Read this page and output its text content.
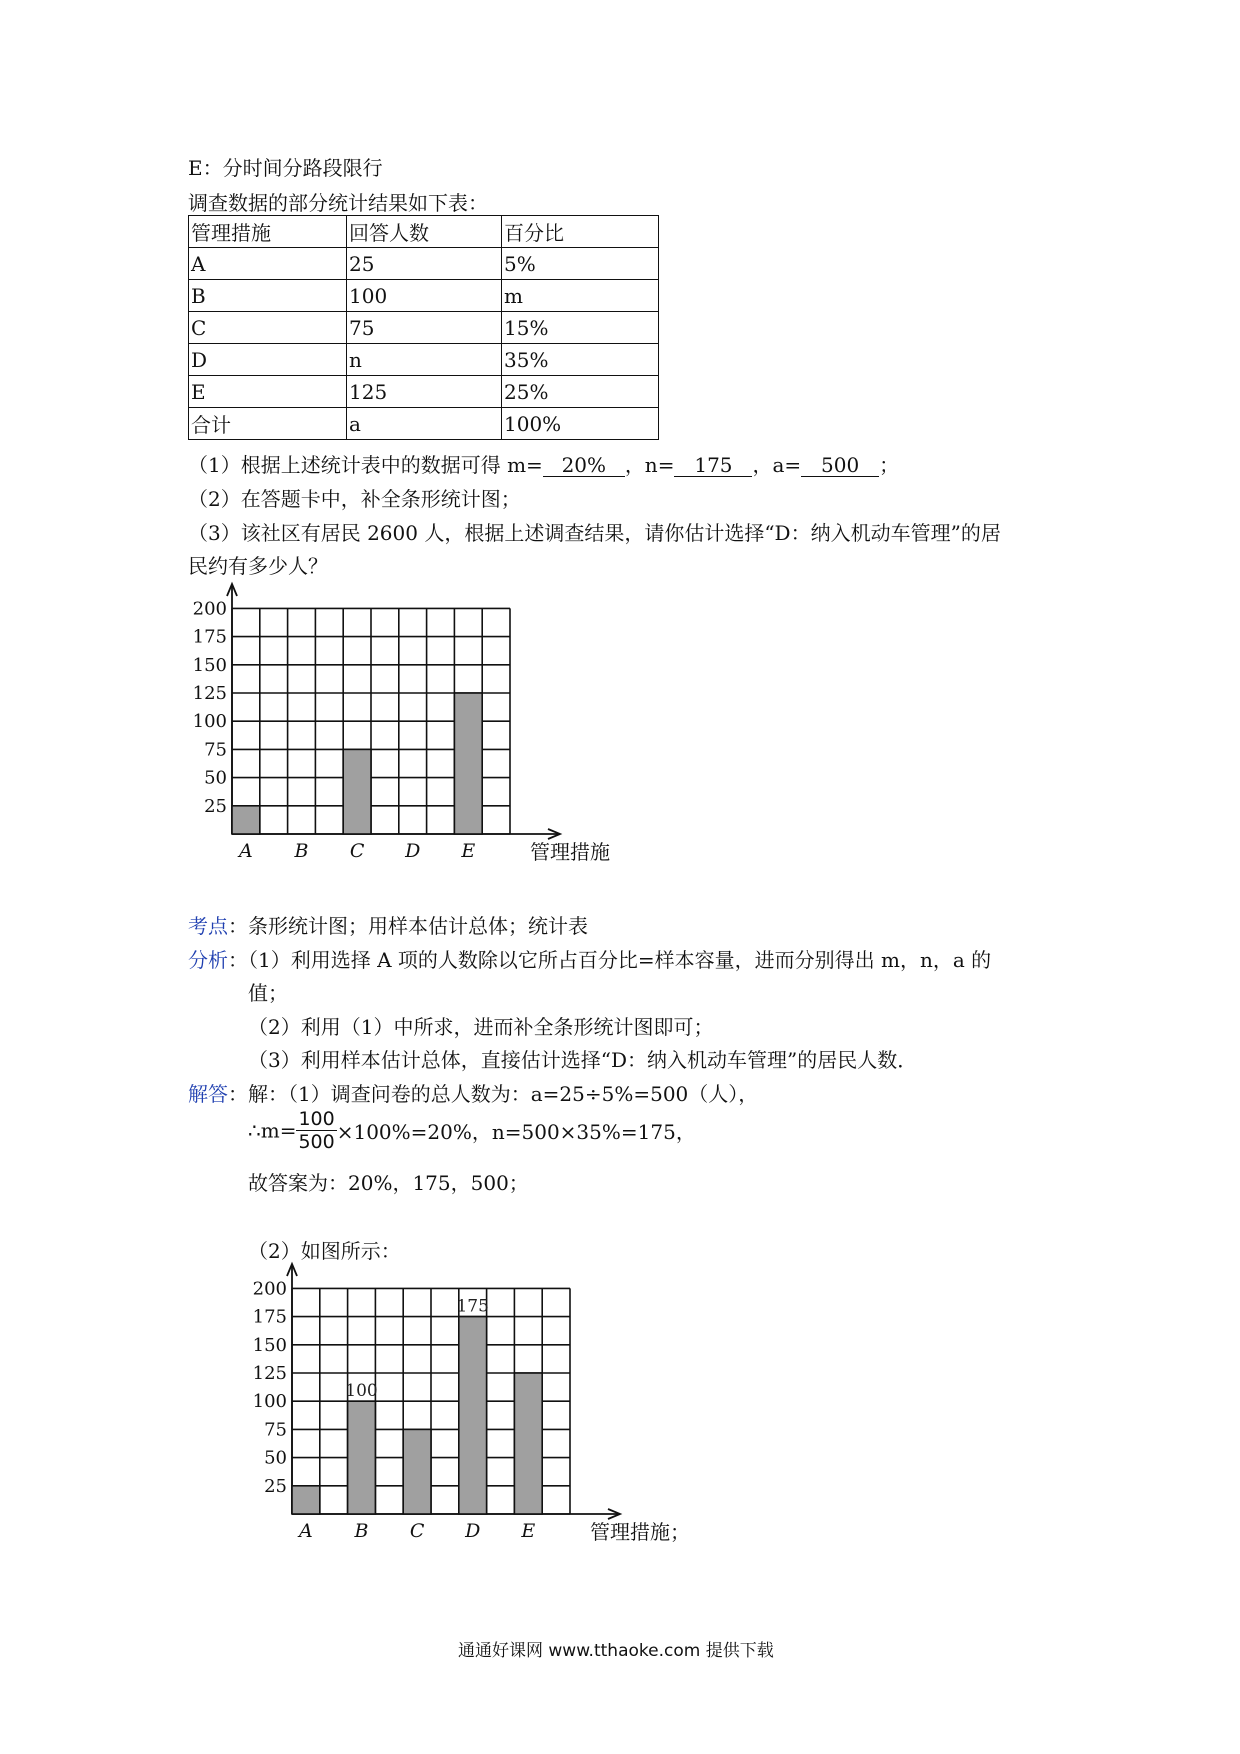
E：分时间分路段限行
调查数据的部分统计结果如下表：
管理措施	回答人数	百分比
A	25	5%
B	100	m
C	75	15%
D	n	35%
E	125	25%
合计	a	100%
（1）根据上述统计表中的数据可得 m= 20% ，n= 175 ，a= 500 ；
（2）在答题卡中，补全条形统计图；
（3）该社区有居民 2600 人，根据上述调查结果，请你估计选择“D：纳入机动车管理”的居
民约有多少人？
25
50
75
100
125
150
175
200
A B C D E	管理措施
考点：条形统计图；用样本估计总体；统计表
分析：（1）利用选择 A 项的人数除以它所占百分比=样本容量，进而分别得出 m，n，a 的
值；
（2）利用（1）中所求，进而补全条形统计图即可；
（3）利用样本估计总体，直接估计选择“D：纳入机动车管理”的居民人数．
解答：解：（1）调查问卷的总人数为：a=25÷5%=500（人），
∴m= $\frac{100}{500} \times 100\%=20\%$，n=500×35%=175，
故答案为：20%，175，500；
（2）如图所示：
25
50
75
100
125
150
175
200
A B
100
C D
175
E	管理措施；
通通好课网 www.tthaoke.com 提供下载
